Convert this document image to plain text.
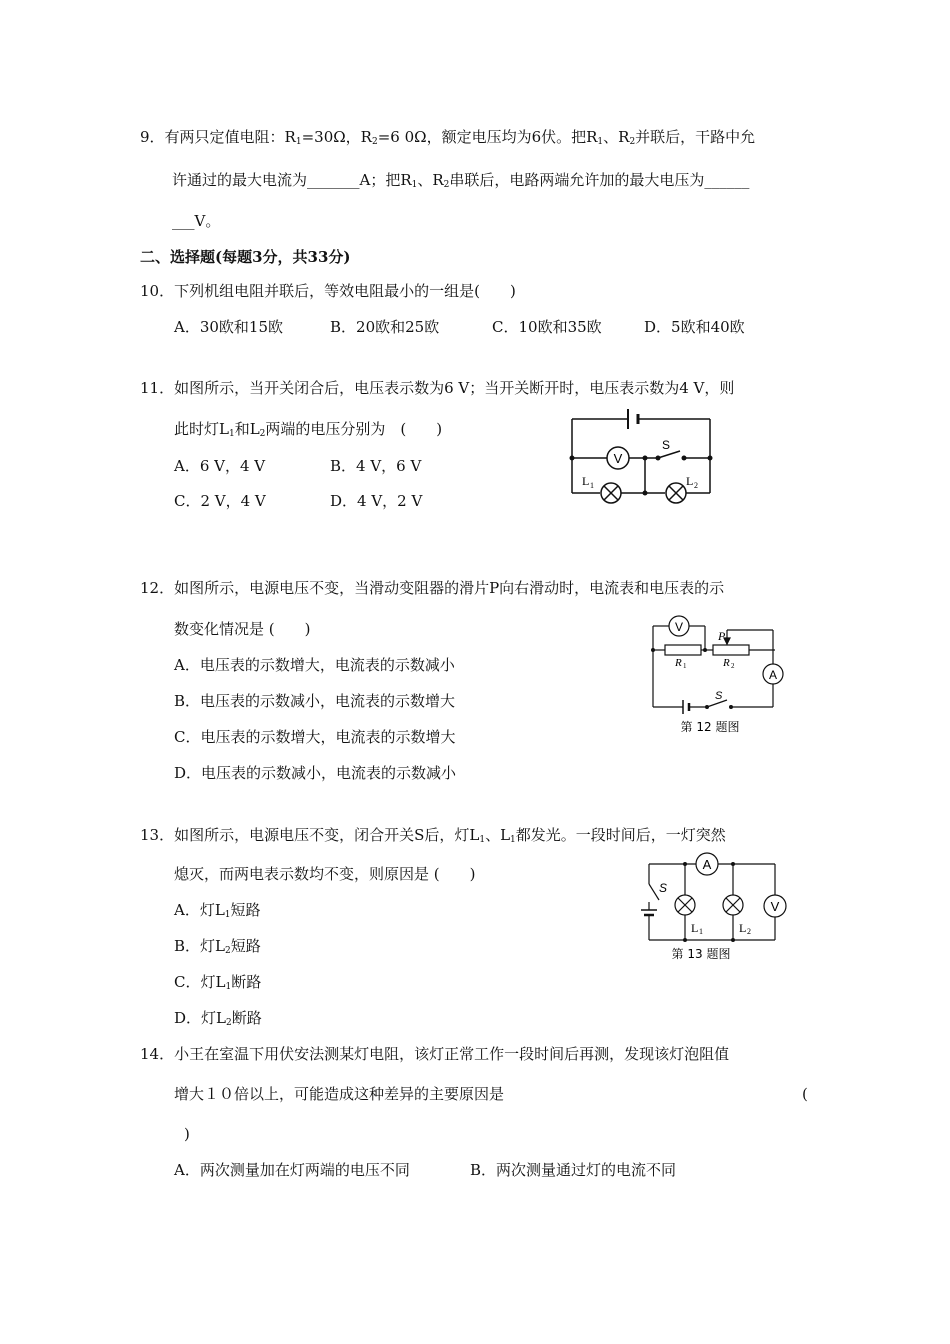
9．有两只定值电阻：$R_1=30\Omega$，$R_2=6$ 0Ω，额定电压均为6伏。把$R_1$、$R_2$并联后，干路中允
许通过的最大电流为_______A；把$R_1$、$R_2$串联后，电路两端允许加的最大电压为______
___V。
二、选择题(每题3分，共33分)
10．下列机组电阻并联后，等效电阻最小的一组是(　　)
A．30欧和15欧	B．20欧和25欧	C．10欧和35欧	D．5欧和40欧
11．如图所示，当开关闭合后，电压表示数为6 V；当开关断开时，电压表示数为4 V，则
此时灯$L_1$和$L_2$两端的电压分别为　(　　)
A．6 V，4 V	B．4 V，6 V
C．2 V，4 V	D．4 V，2 V
V
S
L 1	L 2
12．如图所示，电源电压不变，当滑动变阻器的滑片P向右滑动时，电流表和电压表的示
数变化情况是 (　　)
A．电压表的示数增大，电流表的示数减小
B．电压表的示数减小，电流表的示数增大
C．电压表的示数增大，电流表的示数增大
D．电压表的示数减小，电流表的示数减小
V
A
P
R 1	R 2
S
第 12 题图
13．如图所示，电源电压不变，闭合开关S后，灯$L_1$、$L_1$都发光。一段时间后，一灯突然
熄灭，而两电表示数均不变，则原因是 (　　)
A．灯$L_1$短路
B．灯$L_2$短路
C．灯$L_1$断路
D．灯$L_2$断路
A
V
S
L 1	L 2
第 13 题图
14．小王在室温下用伏安法测某灯电阻，该灯正常工作一段时间后再测，发现该灯泡阻值
增大１０倍以上，可能造成这种差异的主要原因是	(
)
A．两次测量加在灯两端的电压不同	B．两次测量通过灯的电流不同
